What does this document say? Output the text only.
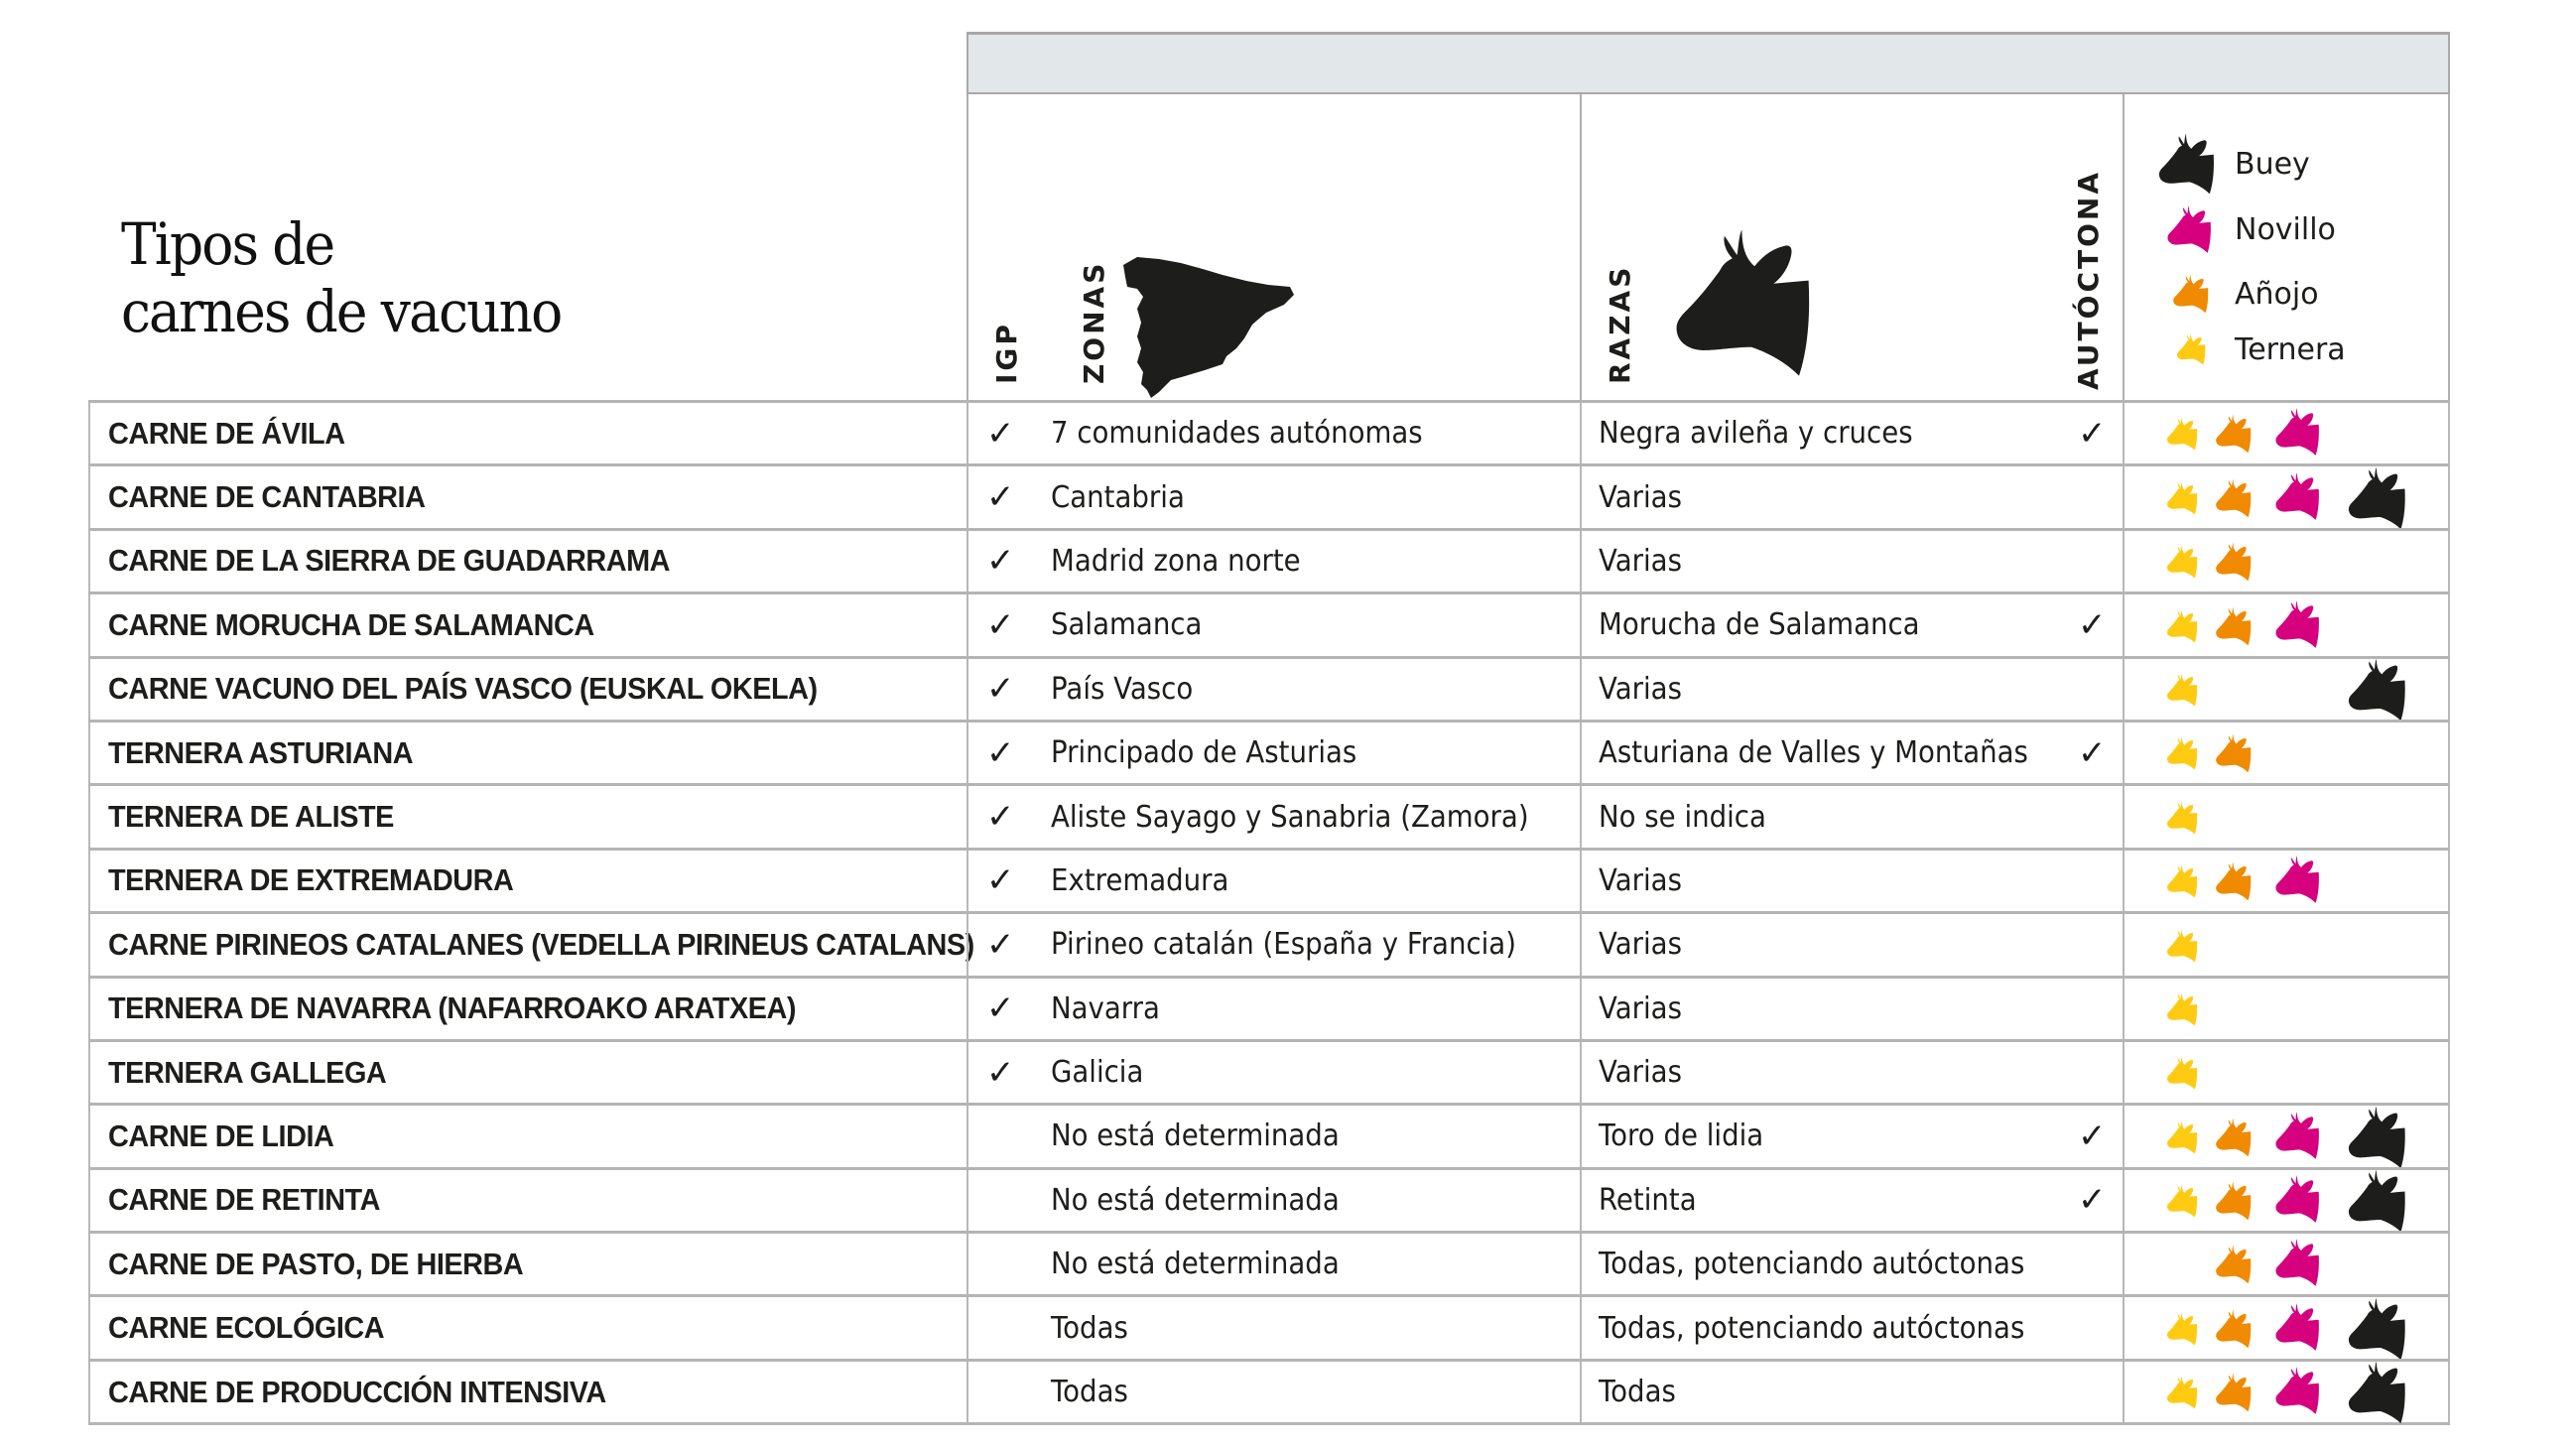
Tipos de
carnes de vacuno
IGP ZONAS	RAZAS	AUTÓCTONA
Buey
Novillo
Añojo
Ternera
CARNE DE ÁVILA	✓ 7 comunidades autónomas	Negra avileña y cruces	✓
CARNE DE CANTABRIA	✓ Cantabria	Varias
CARNE DE LA SIERRA DE GUADARRAMA	✓ Madrid zona norte	Varias
CARNE MORUCHA DE SALAMANCA	✓ Salamanca	Morucha de Salamanca	✓
CARNE VACUNO DEL PAÍS VASCO (EUSKAL OKELA)	✓ País Vasco	Varias
TERNERA ASTURIANA	✓ Principado de Asturias	Asturiana de Valles y Montañas	✓
TERNERA DE ALISTE	✓ Aliste Sayago y Sanabria (Zamora)	No se indica
TERNERA DE EXTREMADURA	✓ Extremadura	Varias
CARNE PIRINEOS CATALANES (VEDELLA PIRINEUS CATALANS) ✓ Pirineo catalán (España y Francia)	Varias
TERNERA DE NAVARRA (NAFARROAKO ARATXEA)	✓ Navarra	Varias
TERNERA GALLEGA	✓ Galicia	Varias
CARNE DE LIDIA	No está determinada	Toro de lidia	✓
CARNE DE RETINTA	No está determinada	Retinta	✓
CARNE DE PASTO, DE HIERBA	No está determinada	Todas, potenciando autóctonas
CARNE ECOLÓGICA	Todas	Todas, potenciando autóctonas
CARNE DE PRODUCCIÓN INTENSIVA	Todas	Todas
